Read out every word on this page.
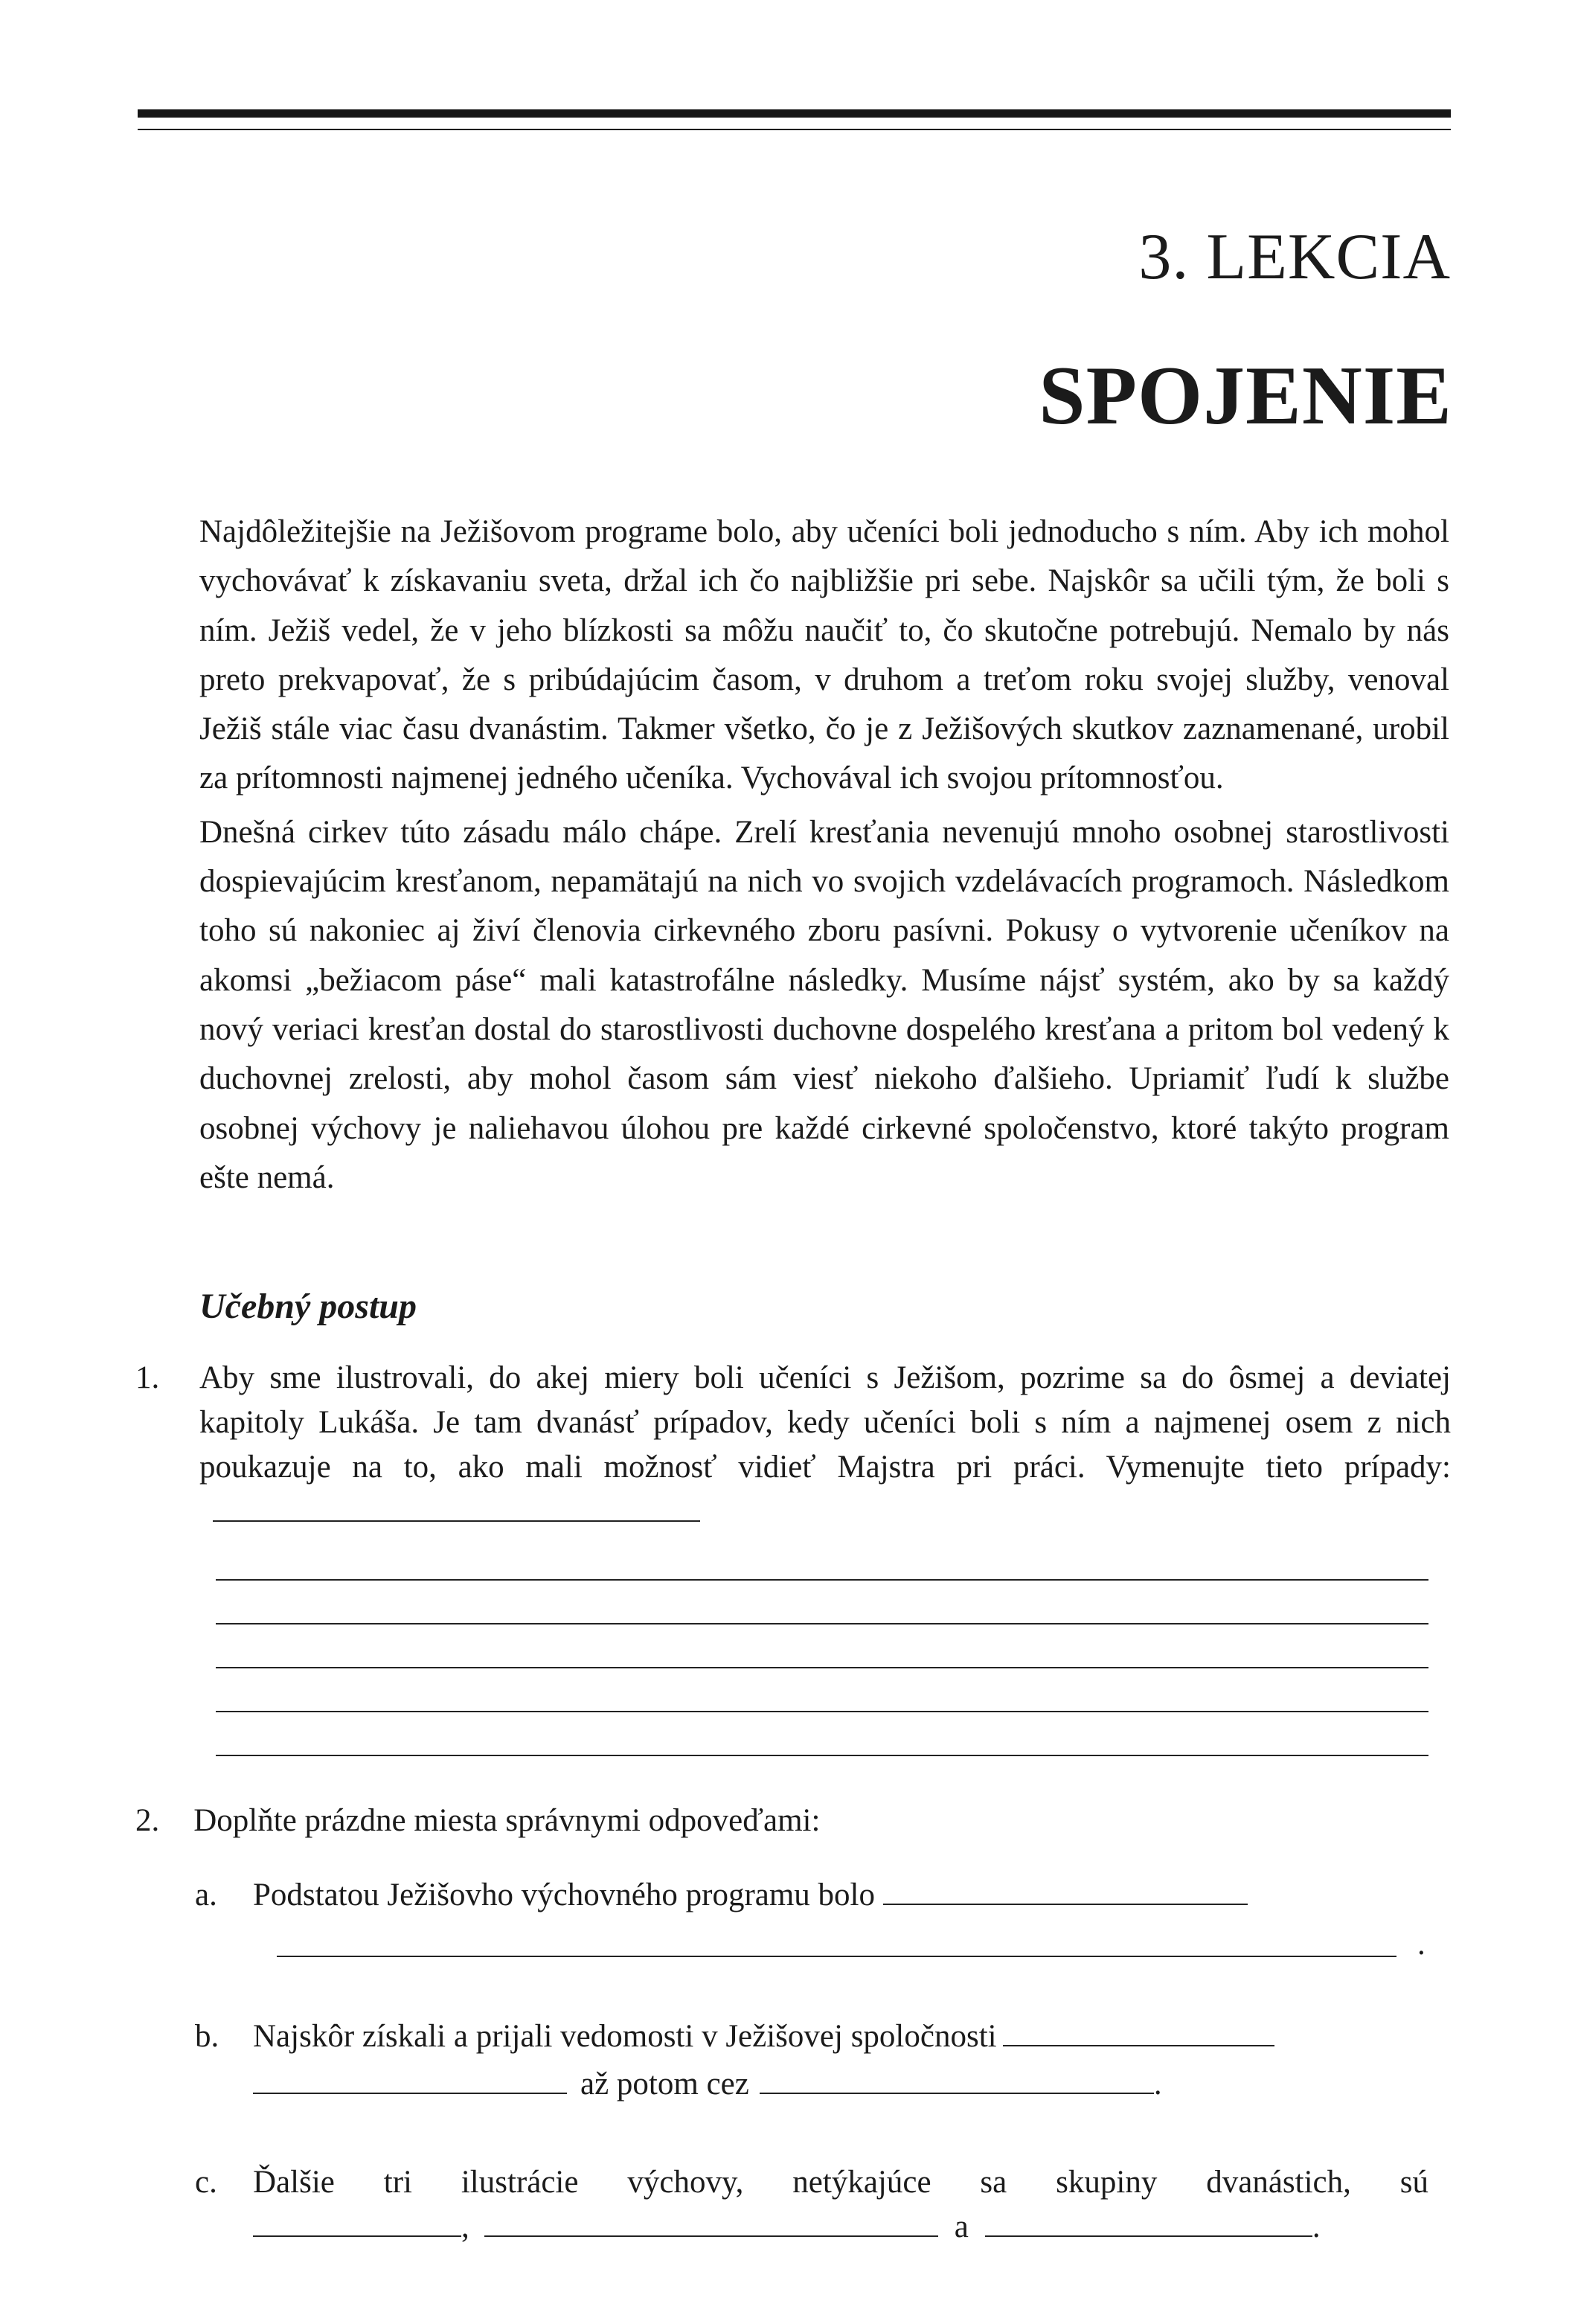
3. LEKCIA
SPOJENIE

Najdôležitejšie na Ježišovom programe bolo, aby učeníci boli jednoducho s ním. Aby ich mohol vychovávať k získavaniu sveta, držal ich čo najbližšie pri sebe. Najskôr sa učili tým, že boli s ním. Ježiš vedel, že v jeho blízkosti sa môžu naučiť to, čo skutočne potrebujú. Nemalo by nás preto prekvapovať, že s pribúdajúcim časom, v druhom a treťom roku svojej služby, venoval Ježiš stále viac času dvanástim. Takmer všetko, čo je z Ježišových skutkov zaznamenané, urobil za prítomnosti najmenej jedného učeníka. Vychovával ich svojou prítomnosťou.

Dnešná cirkev túto zásadu málo chápe. Zrelí kresťania nevenujú mnoho osobnej starostlivosti dospievajúcim kresťanom, nepamätajú na nich vo svojich vzdelávacích programoch. Následkom toho sú nakoniec aj živí členovia cirkevného zboru pasívni. Pokusy o vytvorenie učeníkov na akomsi „bežiacom páse“ mali katastrofálne následky. Musíme nájsť systém, ako by sa každý nový veriaci kresťan dostal do starostlivosti duchovne dospelého kresťana a pritom bol vedený k duchovnej zrelosti, aby mohol časom sám viesť niekoho ďalšieho. Upriamiť ľudí k službe osobnej výchovy je naliehavou úlohou pre každé cirkevné spoločenstvo, ktoré takýto program ešte nemá.

Učebný postup
1. Aby sme ilustrovali, do akej miery boli učeníci s Ježišom, pozrime sa do ôsmej a deviatej kapitoly Lukáša. Je tam dvanásť prípadov, kedy učeníci boli s ním a najmenej osem z nich poukazuje na to, ako mali možnosť vidieť Majstra pri práci. Vymenujte tieto prípady:
2. Doplňte prázdne miesta správnymi odpoveďami:
a. Podstatou Ježišovho výchovného programu bolo
.
b. Najskôr získali a prijali vedomosti v Ježišovej spoločnosti
až potom cez	.
c. Ďalšie tri ilustrácie výchovy, netýkajúce sa skupiny dvanástich, sú
,	a	.
